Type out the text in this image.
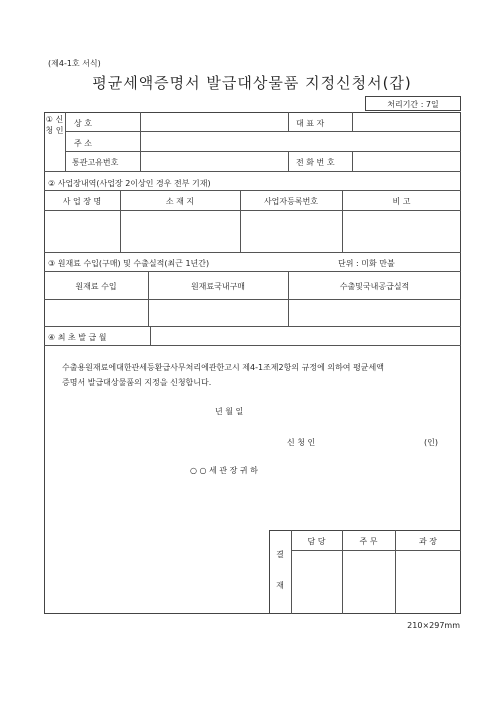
(제4-1호 서식)
평균세액증명서 발급대상물품 지정신청서(갑)
처리기간 : 7일
① 신 청 인
상 호	대 표 자
주 소
통관고유번호	전 화 번 호
② 사업장내역(사업장 2이상인 경우 전부 기재)
사 업 장 명	소 재 지	사업자등록번호	비 고
③ 원재료 수입(구매) 및 수출실적(최근 1년간)	단위 : 미화 만불
원재료 수입	원재료국내구매	수출및국내공급실적
④ 최 초 발 급 월
수출용원재료에대한관세등환급사무처리에관한고시 제4-1조제2항의 규정에 의하여 평균세액
증명서 발급대상물품의 지정을 신청합니다.
년 월 일
신 청 인	(인)
○ ○ 세 관 장 귀 하
결
재
담 당	주 무	과 장
210×297mm
